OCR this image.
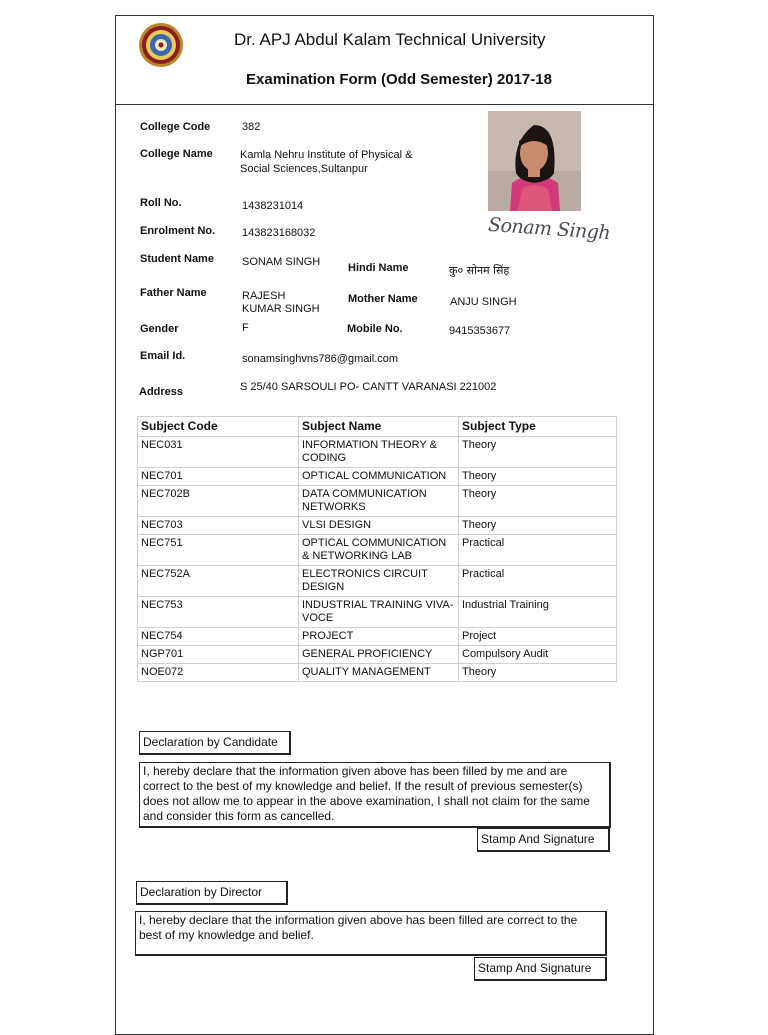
Dr. APJ Abdul Kalam Technical University
Examination Form (Odd Semester) 2017-18
College Code	382
College Name Kamla Nehru Institute of Physical &
Social Sciences,Sultanpur
Roll No.	1438231014
Enrolment No. 143823168032
Student Name	SONAM SINGH	Hindi Name	कु० सोनम सिंह
Father Name	RAJESH
KUMAR SINGH
Mother Name	ANJU SINGH
Gender	F	Mobile No.	9415353677
Email Id.	sonamsinghvns786@gmail.com
Address	S 25/40 SARSOULI PO- CANTT VARANASI 221002
Sonam Singh
Subject Code	Subject Name	Subject Type
NEC031	INFORMATION THEORY & CODING	Theory
NEC701	OPTICAL COMMUNICATION	Theory
NEC702B	DATA COMMUNICATION NETWORKS	Theory
NEC703	VLSI DESIGN	Theory
NEC751	OPTICAL COMMUNICATION & NETWORKING LAB	Practical
NEC752A	ELECTRONICS CIRCUIT DESIGN	Practical
NEC753	INDUSTRIAL TRAINING VIVA-VOCE	Industrial Training
NEC754	PROJECT	Project
NGP701	GENERAL PROFICIENCY	Compulsory Audit
NOE072	QUALITY MANAGEMENT	Theory
Declaration by Candidate
I, hereby declare that the information given above has been filled by me and are correct to the best of my knowledge and belief. If the result of previous semester(s) does not allow me to appear in the above examination, I shall not claim for the same and consider this form as cancelled.
Stamp And Signature
Declaration by Director
I, hereby declare that the information given above has been filled are correct to the best of my knowledge and belief.
Stamp And Signature
